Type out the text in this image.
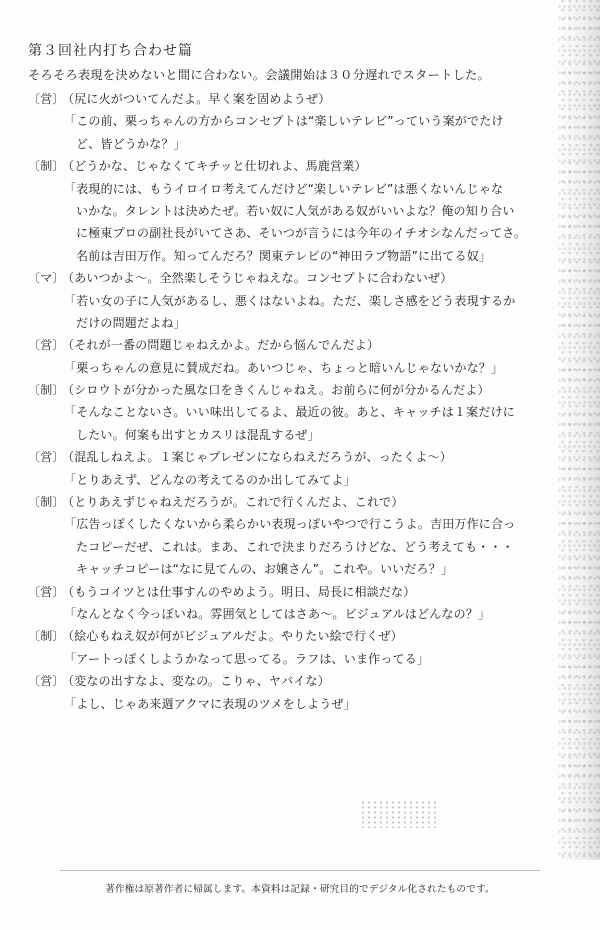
第３回社内打ち合わせ篇
そろそろ表現を決めないと間に合わない。会議開始は３０分遅れでスタートした。
〔営〕（尻に火がついてんだよ。早く案を固めようぜ）
「この前、栗っちゃんの方からコンセプトは“楽しいテレビ”っていう案がでたけ
ど、皆どうかな？」
〔制〕（どうかな、じゃなくてキチッと仕切れよ、馬鹿営業）
「表現的には、もうイロイロ考えてんだけど“楽しいテレビ”は悪くないんじゃな
いかな。タレントは決めたぜ。若い奴に人気がある奴がいいよな？俺の知り合い
に極東プロの副社長がいてさあ、そいつが言うには今年のイチオシなんだってさ。
名前は吉田万作。知ってんだろ？関東テレビの“神田ラブ物語”に出てる奴」
〔マ〕（あいつかよ〜。全然楽しそうじゃねえな。コンセプトに合わないぜ）
「若い女の子に人気があるし、悪くはないよね。ただ、楽しさ感をどう表現するか
だけの問題だよね」
〔営〕（それが一番の問題じゃねえかよ。だから悩んでんだよ）
「栗っちゃんの意見に賛成だね。あいつじゃ、ちょっと暗いんじゃないかな？」
〔制〕（シロウトが分かった風な口をきくんじゃねえ。お前らに何が分かるんだよ）
「そんなことないさ。いい味出してるよ、最近の彼。あと、キャッチは１案だけに
したい。何案も出すとカスリは混乱するぜ」
〔営〕（混乱しねえよ。１案じゃプレゼンにならねえだろうが、ったくよ〜）
「とりあえず、どんなの考えてるのか出してみてよ」
〔制〕（とりあえずじゃねえだろうが。これで行くんだよ、これで）
「広告っぽくしたくないから柔らかい表現っぽいやつで行こうよ。吉田万作に合っ
たコピーだぜ、これは。まあ、これで決まりだろうけどな、どう考えても・・・
キャッチコピーは“なに見てんの、お嬢さん”。これや。いいだろ？」
〔営〕（もうコイツとは仕事すんのやめよう。明日、局長に相談だな）
「なんとなく今っぽいね。雰囲気としてはさあ〜。ビジュアルはどんなの？」
〔制〕（絵心もねえ奴が何がビジュアルだよ。やりたい絵で行くぜ）
「アートっぽくしようかなって思ってる。ラフは、いま作ってる」
〔営〕（変なの出すなよ、変なの。こりゃ、ヤバイな）
「よし、じゃあ来週アクマに表現のツメをしようぜ」
著作権は原著作者に帰属します。本資料は記録・研究目的でデジタル化されたものです。
